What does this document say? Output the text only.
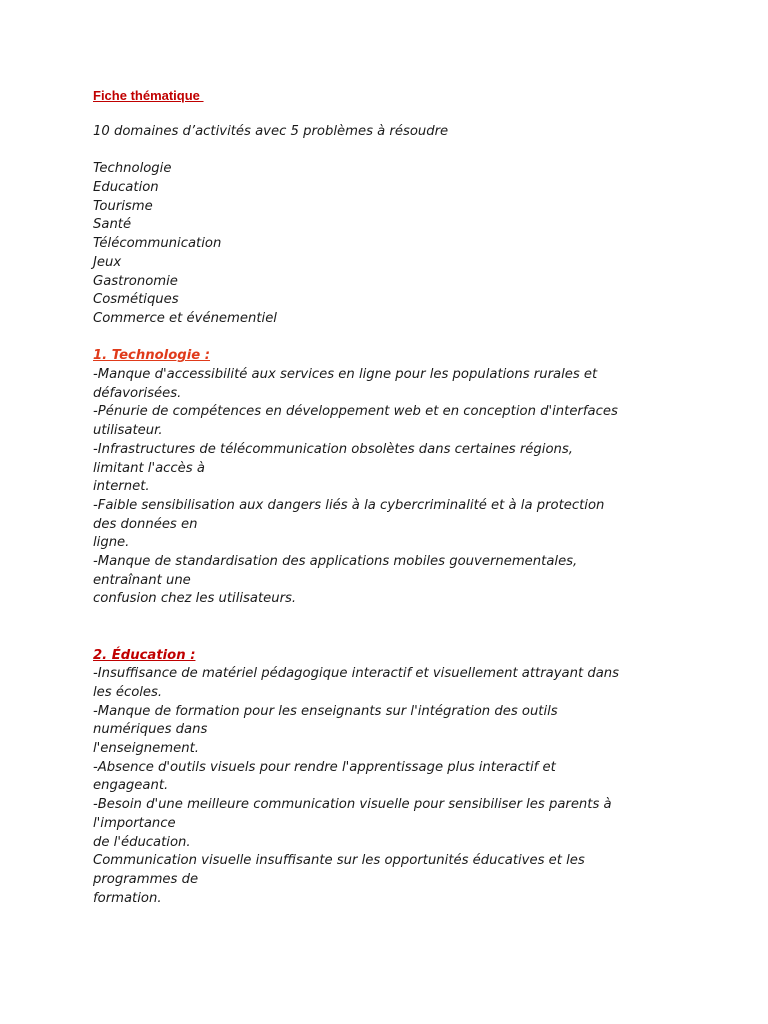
Fiche thématique
10 domaines d’activités avec 5 problèmes à résoudre
Technologie
Education
Tourisme
Santé
Télécommunication
Jeux
Gastronomie
Cosmétiques
Commerce et événementiel
1. Technologie :
-Manque d'accessibilité aux services en ligne pour les populations rurales et
défavorisées.
-Pénurie de compétences en développement web et en conception d'interfaces
utilisateur.
-Infrastructures de télécommunication obsolètes dans certaines régions,
limitant l'accès à
internet.
-Faible sensibilisation aux dangers liés à la cybercriminalité et à la protection
des données en
ligne.
-Manque de standardisation des applications mobiles gouvernementales,
entraînant une
confusion chez les utilisateurs.
2. Éducation :
-Insuffisance de matériel pédagogique interactif et visuellement attrayant dans
les écoles.
-Manque de formation pour les enseignants sur l'intégration des outils
numériques dans
l'enseignement.
-Absence d'outils visuels pour rendre l'apprentissage plus interactif et
engageant.
-Besoin d'une meilleure communication visuelle pour sensibiliser les parents à
l'importance
de l'éducation.
Communication visuelle insuffisante sur les opportunités éducatives et les
programmes de
formation.
